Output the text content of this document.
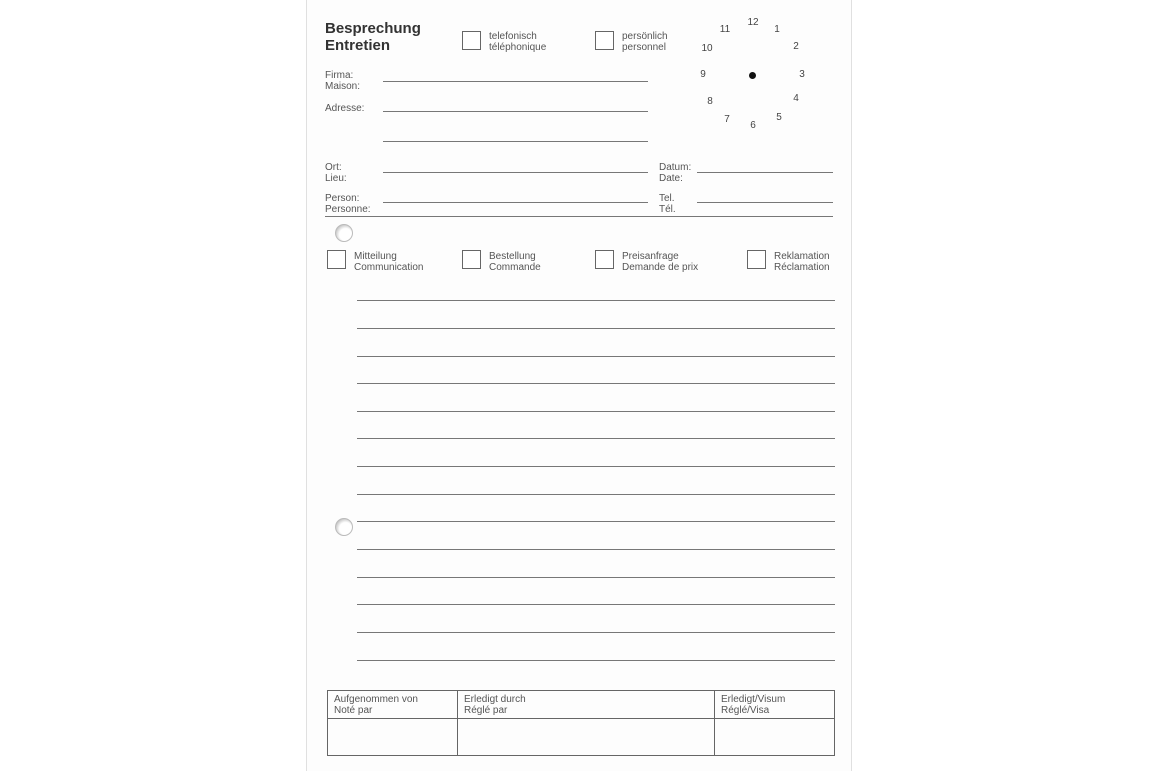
Besprechung
Entretien
telefonisch
téléphonique
persönlich
personnel
12
1
2
3
4
5
6
7
8
9
10
11
Firma:
Maison:
Adresse:
Ort:
Lieu:
Datum:
Date:
Person:
Personne:
Tel.
Tél.
Mitteilung
Communication
Bestellung
Commande
Preisanfrage
Demande de prix
Reklamation
Réclamation
Aufgenommen von
Noté par
Erledigt durch
Réglé par
Erledigt/Visum
Réglé/Visa
